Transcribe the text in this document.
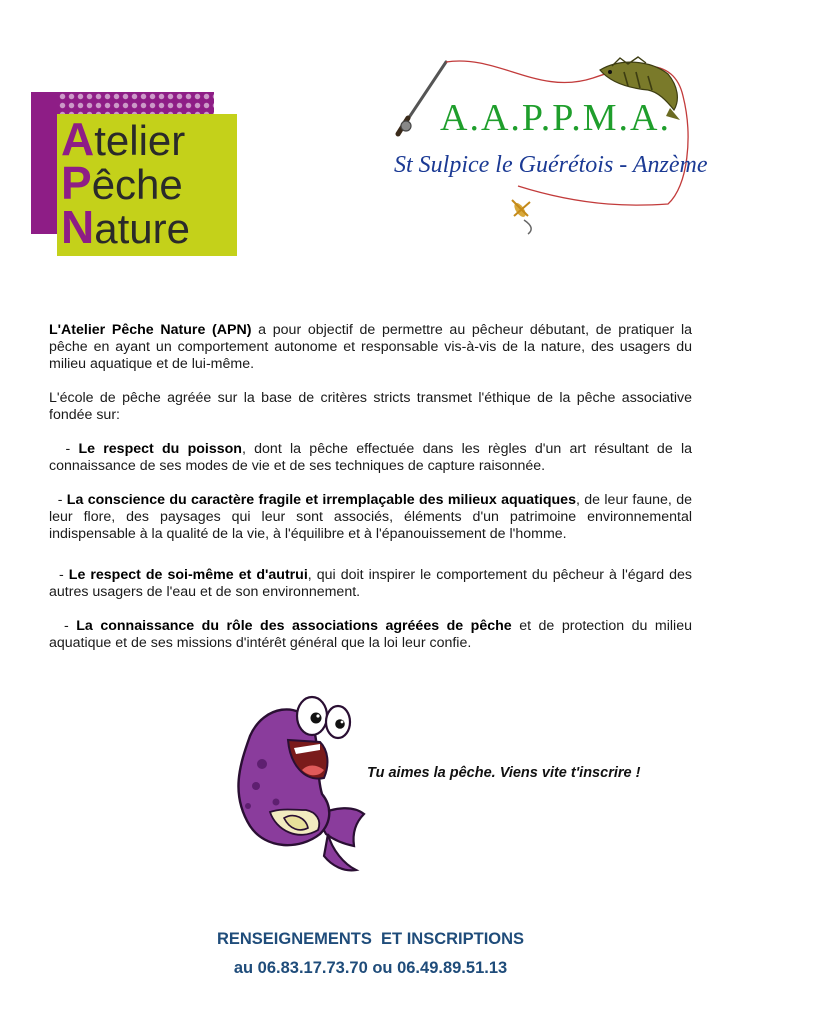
Atelier

Pêche

Nature

A.A.P.P.M.A.

St Sulpice le Guérétois - Anzème

L'Atelier Pêche Nature (APN) a pour objectif de permettre au pêcheur débutant, de pratiquer la pêche en ayant un comportement autonome et responsable vis-à-vis de la nature, des usagers du milieu aquatique et de lui-même.

L'école de pêche agréée sur la base de critères stricts transmet l'éthique de la pêche associative fondée sur:

- Le respect du poisson, dont la pêche effectuée dans les règles d'un art résultant de la connaissance de ses modes de vie et de ses techniques de capture raisonnée.

- La conscience du caractère fragile et irremplaçable des milieux aquatiques, de leur faune, de leur flore, des paysages qui leur sont associés, éléments d'un patrimoine environnemental indispensable à la qualité de la vie, à l'équilibre et à l'épanouissement de l'homme.

- Le respect de soi-même et d'autrui, qui doit inspirer le comportement du pêcheur à l'égard des autres usagers de l'eau et de son environnement.

- La connaissance du rôle des associations agréées de pêche et de protection du milieu aquatique et de ses missions d'intérêt général que la loi leur confie.

Tu aimes la pêche. Viens vite t'inscrire !

RENSEIGNEMENTS  ET INSCRIPTIONS

au 06.83.17.73.70 ou 06.49.89.51.13
